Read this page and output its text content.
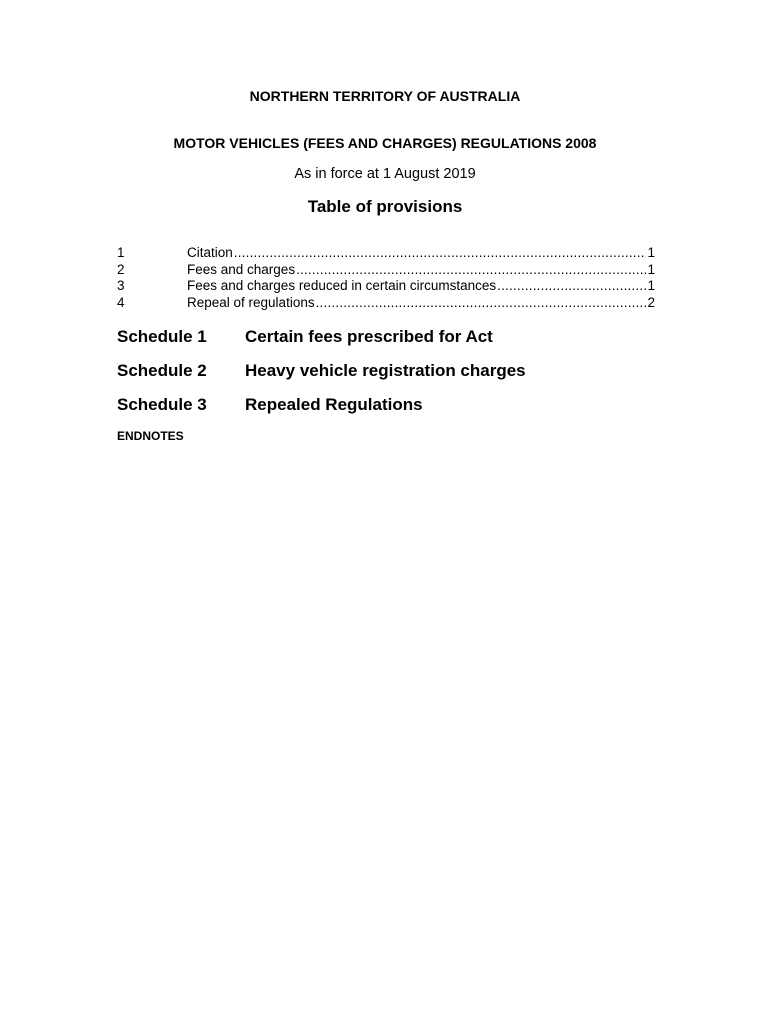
NORTHERN TERRITORY OF AUSTRALIA
MOTOR VEHICLES (FEES AND CHARGES) REGULATIONS 2008
As in force at 1 August 2019
Table of provisions
1	Citation .....	1
2	Fees and charges .....	1
3	Fees and charges reduced in certain circumstances .....	1
4	Repeal of regulations .....	2
Schedule 1	Certain fees prescribed for Act
Schedule 2	Heavy vehicle registration charges
Schedule 3	Repealed Regulations
ENDNOTES
